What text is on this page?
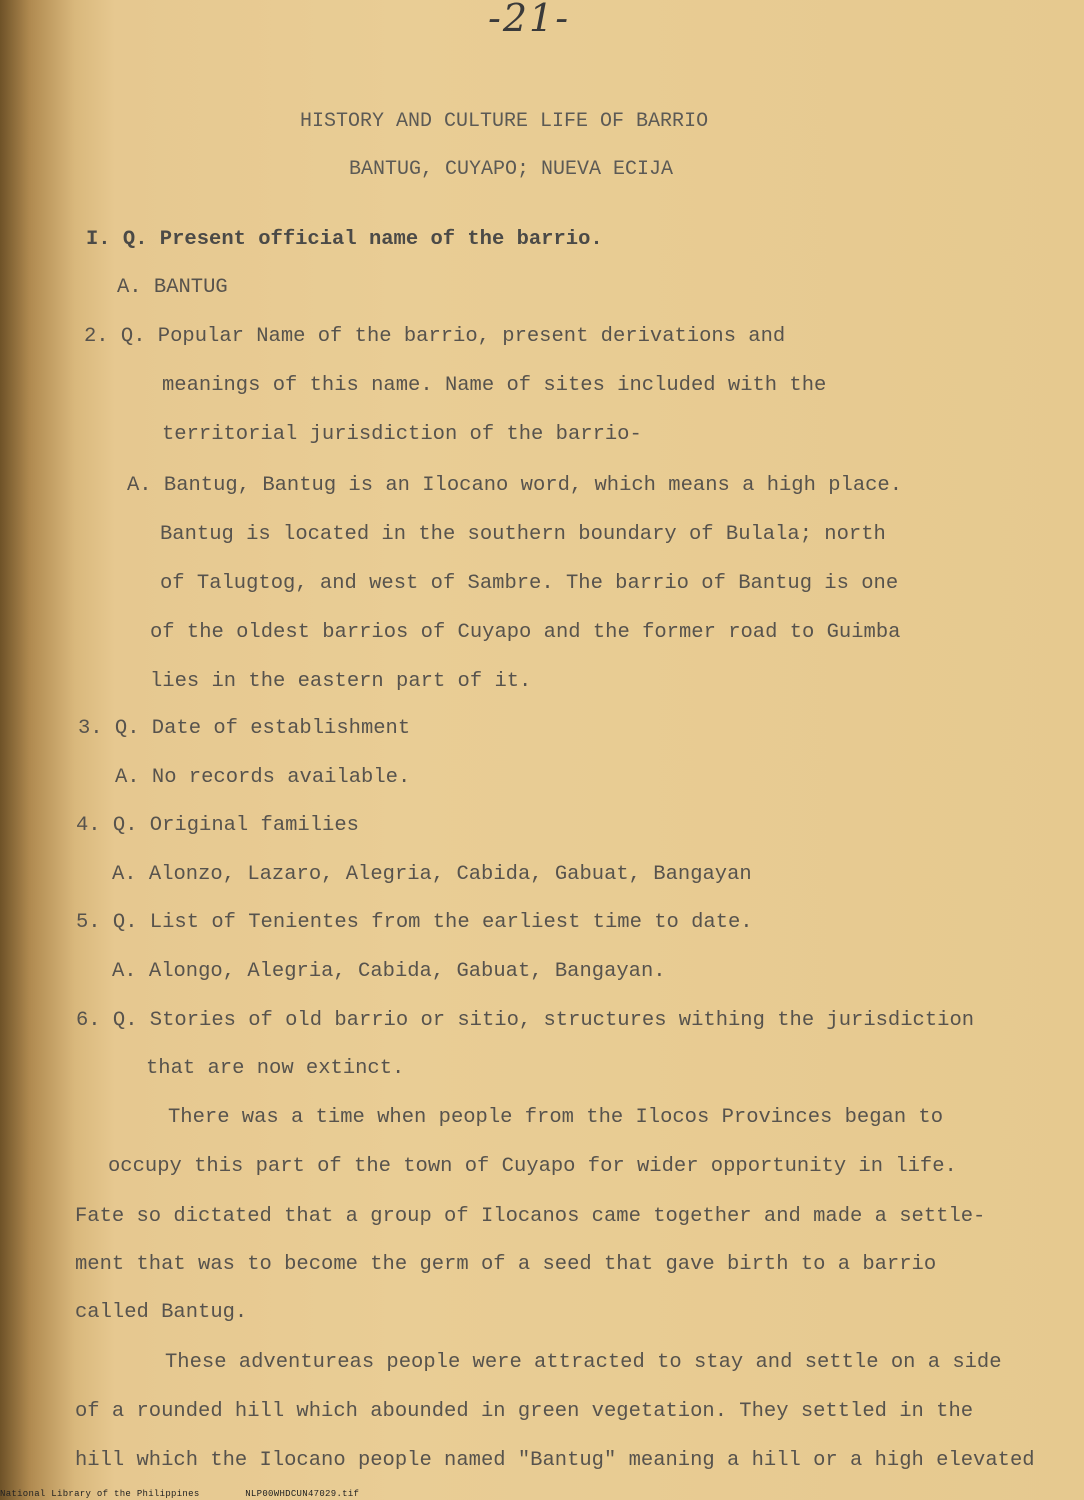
-21-
HISTORY AND CULTURE LIFE OF BARRIO
BANTUG, CUYAPO; NUEVA ECIJA
I. Q. Present official name of the barrio.
A. BANTUG
2. Q. Popular Name of the barrio, present derivations and
meanings of this name. Name of sites included with the
territorial jurisdiction of the barrio-
A. Bantug, Bantug is an Ilocano word, which means a high place.
Bantug is located in the southern boundary of Bulala; north
of Talugtog, and west of Sambre. The barrio of Bantug is one
of the oldest barrios of Cuyapo and the former road to Guimba
lies in the eastern part of it.
3. Q. Date of establishment
A. No records available.
4. Q. Original families
A. Alonzo, Lazaro, Alegria, Cabida, Gabuat, Bangayan
5. Q. List of Tenientes from the earliest time to date.
A. Alongo, Alegria, Cabida, Gabuat, Bangayan.
6. Q. Stories of old barrio or sitio, structures withing the jurisdiction
that are now extinct.
There was a time when people from the Ilocos Provinces began to
occupy this part of the town of Cuyapo for wider opportunity in life.
Fate so dictated that a group of Ilocanos came together and made a settle-
ment that was to become the germ of a seed that gave birth to a barrio
called Bantug.
These adventureas people were attracted to stay and settle on a side
of a rounded hill which abounded in green vegetation. They settled in the
hill which the Ilocano people named "Bantug" meaning a hill or a high elevated
National Library of the Philippines	NLP00WHDCUN47029.tif
